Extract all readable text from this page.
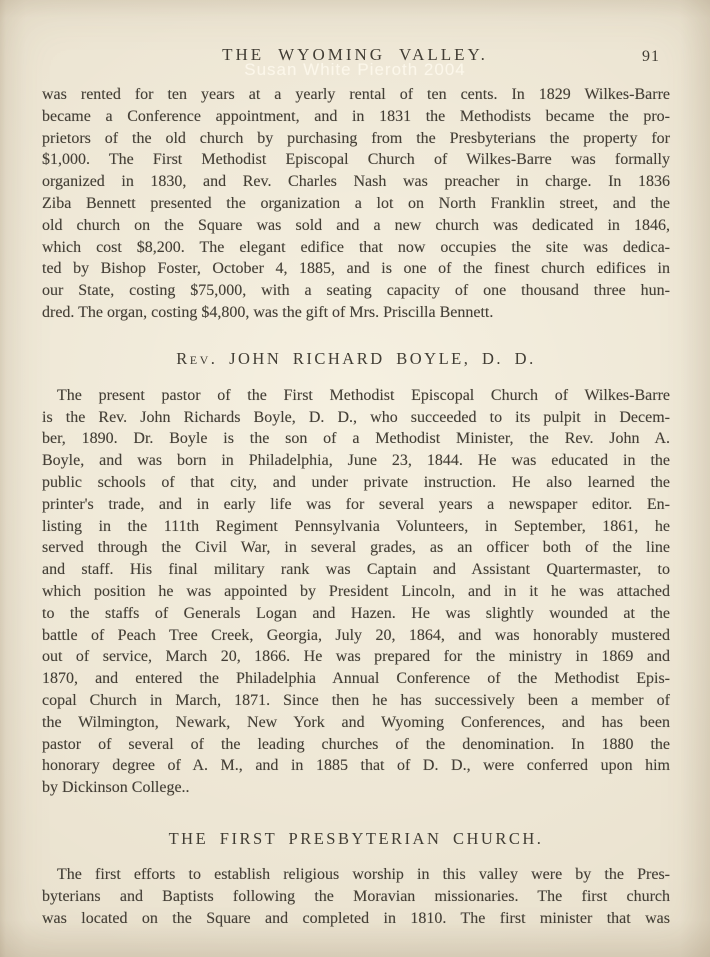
THE WYOMING VALLEY.	91
Susan White Pieroth 2004
was rented for ten years at a yearly rental of ten cents. In 1829 Wilkes-Barre
became a Conference appointment, and in 1831 the Methodists became the pro-
prietors of the old church by purchasing from the Presbyterians the property for
$1,000. The First Methodist Episcopal Church of Wilkes-Barre was formally
organized in 1830, and Rev. Charles Nash was preacher in charge. In 1836
Ziba Bennett presented the organization a lot on North Franklin street, and the
old church on the Square was sold and a new church was dedicated in 1846,
which cost $8,200. The elegant edifice that now occupies the site was dedica-
ted by Bishop Foster, October 4, 1885, and is one of the finest church edifices in
our State, costing $75,000, with a seating capacity of one thousand three hun-
dred. The organ, costing $4,800, was the gift of Mrs. Priscilla Bennett.
Rev. JOHN RICHARD BOYLE, D. D.
The present pastor of the First Methodist Episcopal Church of Wilkes-Barre
is the Rev. John Richards Boyle, D. D., who succeeded to its pulpit in Decem-
ber, 1890. Dr. Boyle is the son of a Methodist Minister, the Rev. John A.
Boyle, and was born in Philadelphia, June 23, 1844. He was educated in the
public schools of that city, and under private instruction. He also learned the
printer's trade, and in early life was for several years a newspaper editor. En-
listing in the 111th Regiment Pennsylvania Volunteers, in September, 1861, he
served through the Civil War, in several grades, as an officer both of the line
and staff. His final military rank was Captain and Assistant Quartermaster, to
which position he was appointed by President Lincoln, and in it he was attached
to the staffs of Generals Logan and Hazen. He was slightly wounded at the
battle of Peach Tree Creek, Georgia, July 20, 1864, and was honorably mustered
out of service, March 20, 1866. He was prepared for the ministry in 1869 and
1870, and entered the Philadelphia Annual Conference of the Methodist Epis-
copal Church in March, 1871. Since then he has successively been a member of
the Wilmington, Newark, New York and Wyoming Conferences, and has been
pastor of several of the leading churches of the denomination. In 1880 the
honorary degree of A. M., and in 1885 that of D. D., were conferred upon him
by Dickinson College..
THE FIRST PRESBYTERIAN CHURCH.
The first efforts to establish religious worship in this valley were by the Pres-
byterians and Baptists following the Moravian missionaries. The first church
was located on the Square and completed in 1810. The first minister that was
